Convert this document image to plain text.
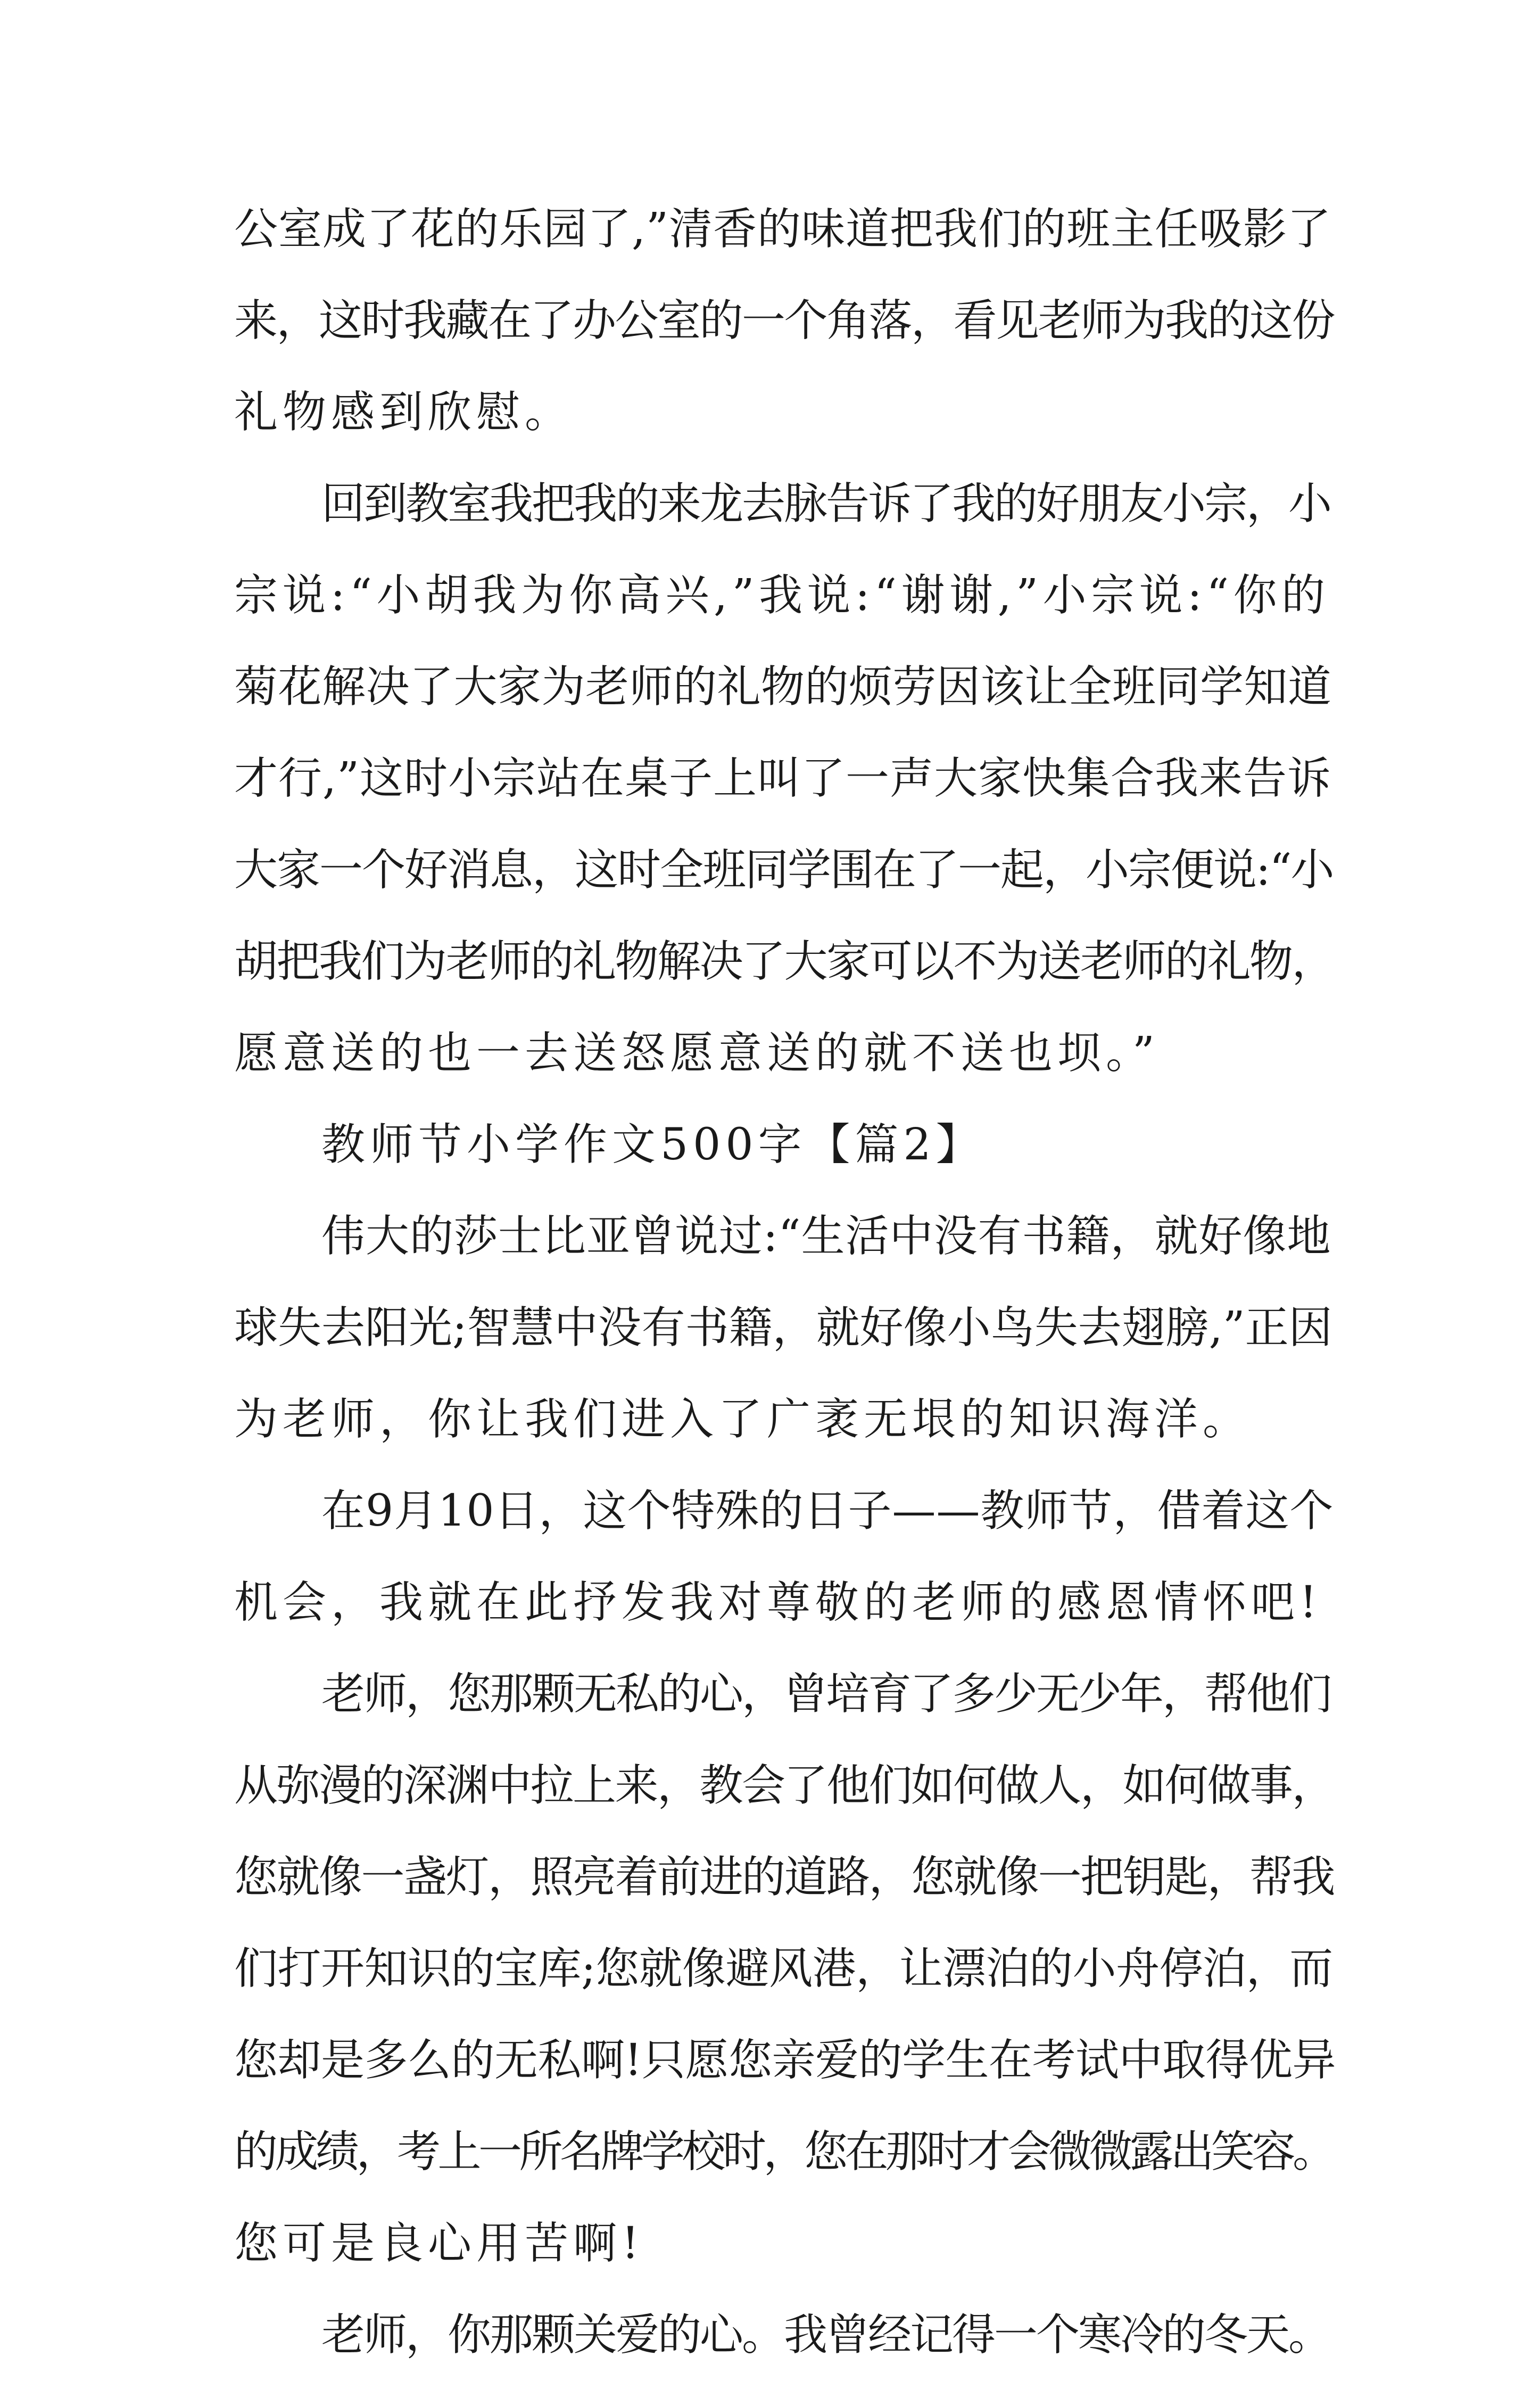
公室成了花的乐园了,”清香的味道把我们的班主任吸影了
来，这时我藏在了办公室的一个角落，看见老师为我的这份
礼物感到欣慰。
回到教室我把我的来龙去脉告诉了我的好朋友小宗，小
宗说:“小胡我为你高兴,”我说:“谢谢,”小宗说:“你的
菊花解决了大家为老师的礼物的烦劳因该让全班同学知道
才行,”这时小宗站在桌子上叫了一声大家快集合我来告诉
大家一个好消息，这时全班同学围在了一起，小宗便说:“小
胡把我们为老师的礼物解决了大家可以不为送老师的礼物，
愿意送的也一去送怒愿意送的就不送也坝。”
教师节小学作文500字【篇2】
伟大的莎士比亚曾说过:“生活中没有书籍，就好像地
球失去阳光;智慧中没有书籍，就好像小鸟失去翅膀,”正因
为老师，你让我们进入了广袤无垠的知识海洋。
在9月10日，这个特殊的日子——教师节，借着这个
机会，我就在此抒发我对尊敬的老师的感恩情怀吧!
老师，您那颗无私的心，曾培育了多少无少年，帮他们
从弥漫的深渊中拉上来，教会了他们如何做人，如何做事，
您就像一盏灯，照亮着前进的道路，您就像一把钥匙，帮我
们打开知识的宝库;您就像避风港，让漂泊的小舟停泊，而
您却是多么的无私啊!只愿您亲爱的学生在考试中取得优异
的成绩，考上一所名牌学校时，您在那时才会微微露出笑容。
您可是良心用苦啊!
老师，你那颗关爱的心。我曾经记得一个寒冷的冬天。
